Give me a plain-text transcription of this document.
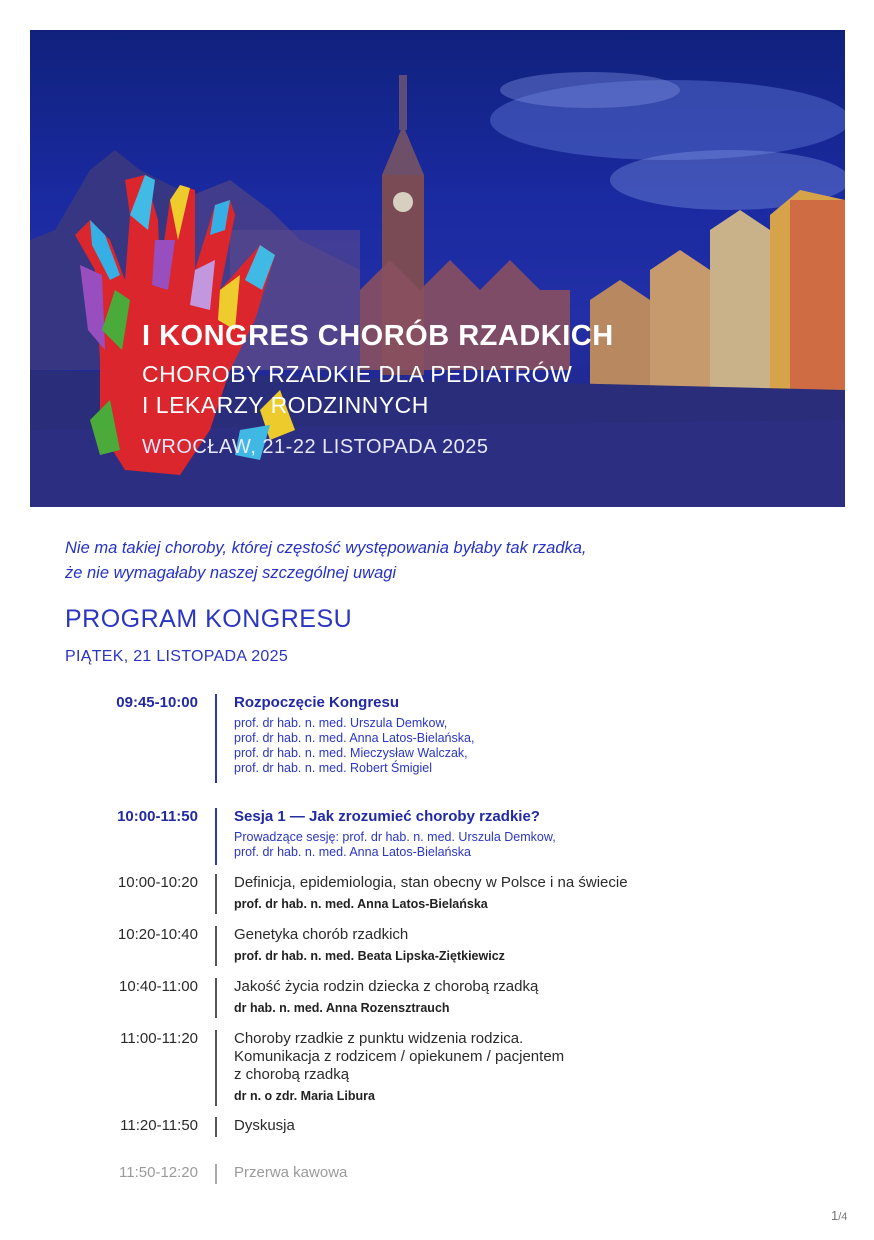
I KONGRES CHORÓB RZADKICH
CHOROBY RZADKIE DLA PEDIATRÓW
I LEKARZY RODZINNYCH
WROCŁAW, 21-22 LISTOPADA 2025
Nie ma takiej choroby, której częstość występowania byłaby tak rzadka,
że nie wymagałaby naszej szczególnej uwagi
PROGRAM KONGRESU
PIĄTEK, 21 LISTOPADA 2025
09:45-10:00 Rozpoczęcie Kongresu
prof. dr hab. n. med. Urszula Demkow,
prof. dr hab. n. med. Anna Latos-Bielańska,
prof. dr hab. n. med. Mieczysław Walczak,
prof. dr hab. n. med. Robert Śmigiel
10:00-11:50 Sesja 1 — Jak zrozumieć choroby rzadkie?
Prowadzące sesję: prof. dr hab. n. med. Urszula Demkow,
prof. dr hab. n. med. Anna Latos-Bielańska
10:00-10:20 Definicja, epidemiologia, stan obecny w Polsce i na świecie
prof. dr hab. n. med. Anna Latos-Bielańska
10:20-10:40 Genetyka chorób rzadkich
prof. dr hab. n. med. Beata Lipska-Ziętkiewicz
10:40-11:00 Jakość życia rodzin dziecka z chorobą rzadką
dr hab. n. med. Anna Rozensztrauch
11:00-11:20 Choroby rzadkie z punktu widzenia rodzica.
Komunikacja z rodzicem / opiekunem / pacjentem
z chorobą rzadką
dr n. o zdr. Maria Libura
11:20-11:50 Dyskusja
11:50-12:20 Przerwa kawowa
1/4
